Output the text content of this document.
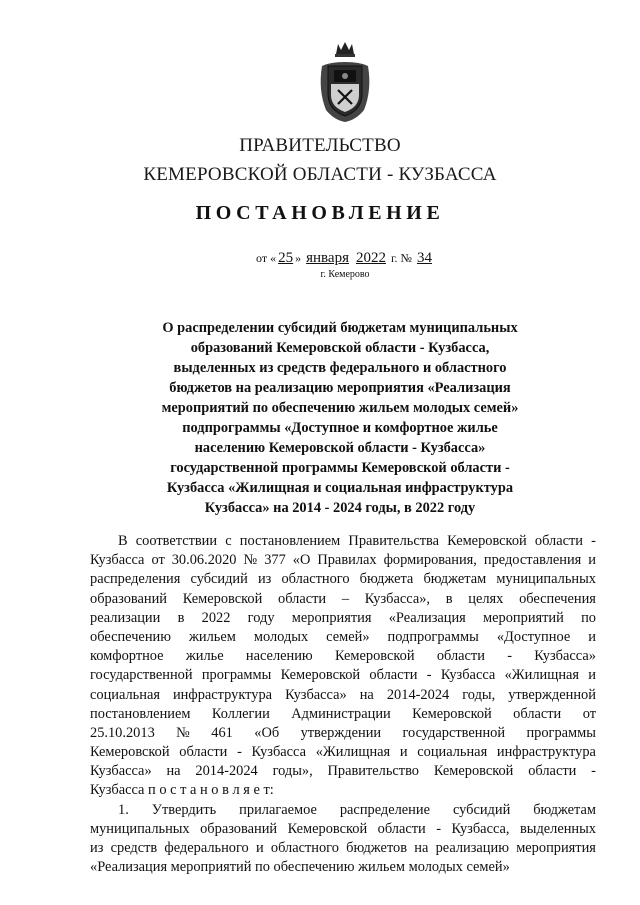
ПРАВИТЕЛЬСТВО
КЕМЕРОВСКОЙ ОБЛАСТИ - КУЗБАССА
ПОСТАНОВЛЕНИЕ
от « 25 » января 2022 г. № 34
г. Кемерово
О распределении субсидий бюджетам муниципальных
образований Кемеровской области - Кузбасса,
выделенных из средств федерального и областного
бюджетов на реализацию мероприятия «Реализация
мероприятий по обеспечению жильем молодых семей»
подпрограммы «Доступное и комфортное жилье
населению Кемеровской области - Кузбасса»
государственной программы Кемеровской области -
Кузбасса «Жилищная и социальная инфраструктура
Кузбасса» на 2014 - 2024 годы, в 2022 году
В соответствии с постановлением Правительства Кемеровской области -
Кузбасса от 30.06.2020 № 377 «О Правилах формирования, предоставления и
распределения субсидий из областного бюджета бюджетам муниципальных
образований Кемеровской области – Кузбасса», в целях обеспечения
реализации в 2022 году мероприятия «Реализация мероприятий по
обеспечению жильем молодых семей» подпрограммы «Доступное и
комфортное жилье населению Кемеровской области - Кузбасса»
государственной программы Кемеровской области - Кузбасса «Жилищная и
социальная инфраструктура Кузбасса» на 2014-2024 годы, утвержденной
постановлением Коллегии Администрации Кемеровской области от
25.10.2013 № 461 «Об утверждении государственной программы
Кемеровской области - Кузбасса «Жилищная и социальная инфраструктура
Кузбасса» на 2014-2024 годы», Правительство Кемеровской области -
Кузбасса п о с т а н о в л я е т:
1. Утвердить прилагаемое распределение субсидий бюджетам
муниципальных образований Кемеровской области - Кузбасса, выделенных
из средств федерального и областного бюджетов на реализацию мероприятия
«Реализация мероприятий по обеспечению жильем молодых семей»
